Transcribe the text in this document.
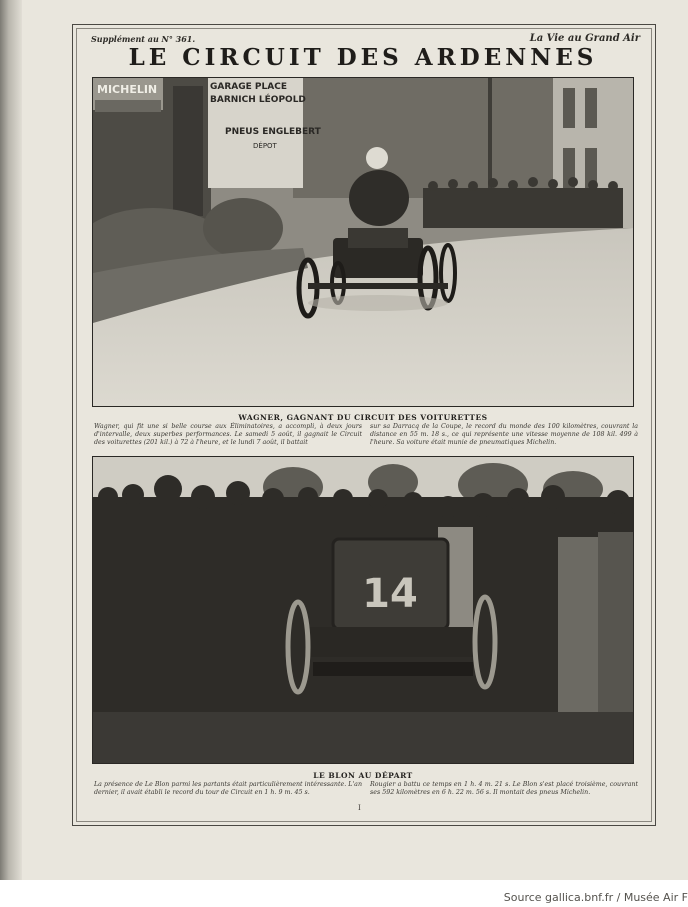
Supplément au N° 361.	La Vie au Grand Air
LE CIRCUIT DES ARDENNES
MICHELIN	GARAGE PLACE
BARNICH LÉOPOLD
PNEUS ENGLEBERT
DÉPOT
WAGNER, GAGNANT DU CIRCUIT DES VOITURETTES
Wagner, qui fit une si belle course aux Éliminatoires, a accompli, à deux jours d'intervalle, deux superbes performances. Le samedi 5 août, il gagnait le Circuit des voiturettes (201 kil.) à 72 à l'heure, et le lundi 7 août, il battait
sur sa Darracq de la Coupe, le record du monde des 100 kilomètres, couvrant la distance en 55 m. 18 s., ce qui représente une vitesse moyenne de 108 kil. 499 à l'heure. Sa voiture était munie de pneumatiques Michelin.
14
LE BLON AU DÉPART
La présence de Le Blon parmi les partants était particulièrement intéressante. L'an dernier, il avait établi le record du tour de Circuit en 1 h. 9 m. 45 s.
Rougier a battu ce temps en 1 h. 4 m. 21 s. Le Blon s'est placé troisième, couvrant ses 592 kilomètres en 6 h. 22 m. 56 s. Il montait des pneus Michelin.
I
Source gallica.bnf.fr / Musée Air F
